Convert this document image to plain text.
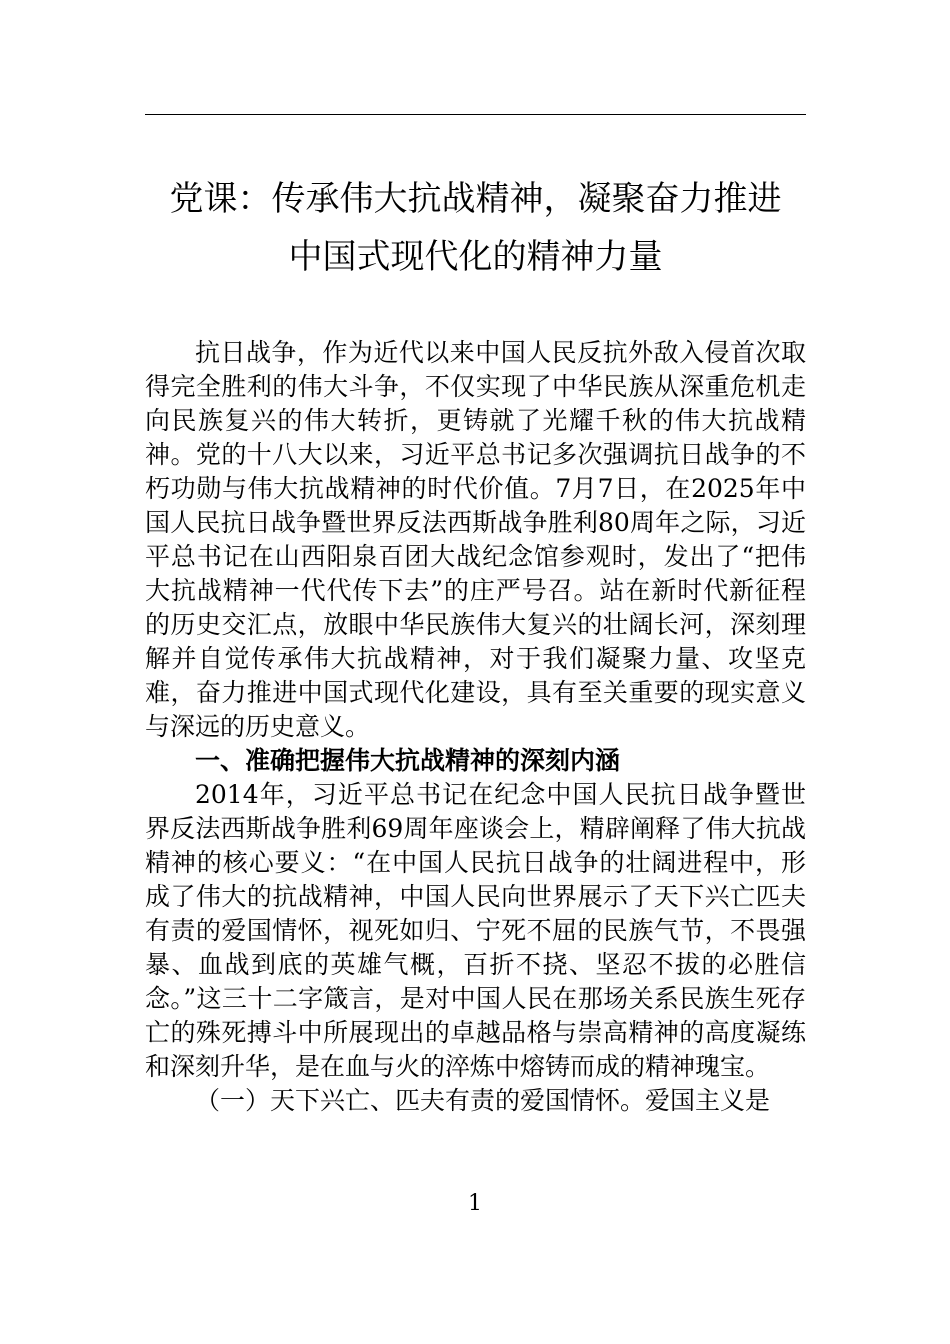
党课：传承伟大抗战精神，凝聚奋力推进
中国式现代化的精神力量

抗日战争，作为近代以来中国人民反抗外敌入侵首次取得完全胜利的伟大斗争，不仅实现了中华民族从深重危机走向民族复兴的伟大转折，更铸就了光耀千秋的伟大抗战精神。党的十八大以来，习近平总书记多次强调抗日战争的不朽功勋与伟大抗战精神的时代价值。7月7日，在2025年中国人民抗日战争暨世界反法西斯战争胜利80周年之际，习近平总书记在山西阳泉百团大战纪念馆参观时，发出了“把伟大抗战精神一代代传下去”的庄严号召。站在新时代新征程的历史交汇点，放眼中华民族伟大复兴的壮阔长河，深刻理解并自觉传承伟大抗战精神，对于我们凝聚力量、攻坚克难，奋力推进中国式现代化建设，具有至关重要的现实意义与深远的历史意义。

一、准确把握伟大抗战精神的深刻内涵

2014年，习近平总书记在纪念中国人民抗日战争暨世界反法西斯战争胜利69周年座谈会上，精辟阐释了伟大抗战精神的核心要义：“在中国人民抗日战争的壮阔进程中，形成了伟大的抗战精神，中国人民向世界展示了天下兴亡匹夫有责的爱国情怀，视死如归、宁死不屈的民族气节，不畏强暴、血战到底的英雄气概，百折不挠、坚忍不拔的必胜信念。”这三十二字箴言，是对中国人民在那场关系民族生死存亡的殊死搏斗中所展现出的卓越品格与崇高精神的高度凝练和深刻升华，是在血与火的淬炼中熔铸而成的精神瑰宝。

（一）天下兴亡、匹夫有责的爱国情怀。爱国主义是

1
